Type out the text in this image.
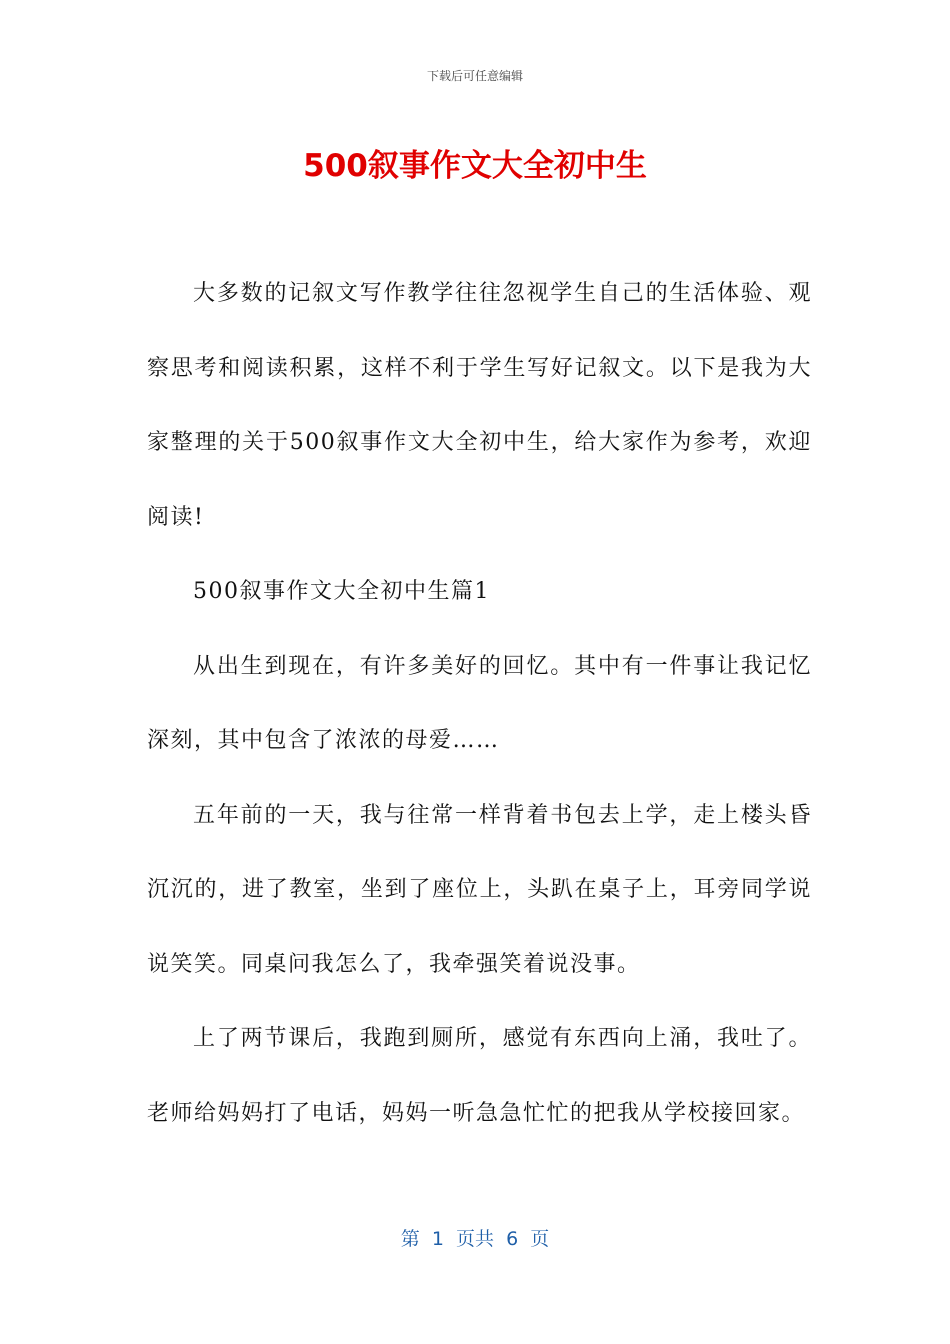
下载后可任意编辑
500叙事作文大全初中生

大多数的记叙文写作教学往往忽视学生自己的生活体验、观察思考和阅读积累，这样不利于学生写好记叙文。以下是我为大家整理的关于500叙事作文大全初中生，给大家作为参考，欢迎阅读!

500叙事作文大全初中生篇1

从出生到现在，有许多美好的回忆。其中有一件事让我记忆深刻，其中包含了浓浓的母爱……

五年前的一天，我与往常一样背着书包去上学，走上楼头昏沉沉的，进了教室，坐到了座位上，头趴在桌子上，耳旁同学说说笑笑。同桌问我怎么了，我牵强笑着说没事。

上了两节课后，我跑到厕所，感觉有东西向上涌，我吐了。老师给妈妈打了电话，妈妈一听急急忙忙的把我从学校接回家。

第  1  页共  6  页
